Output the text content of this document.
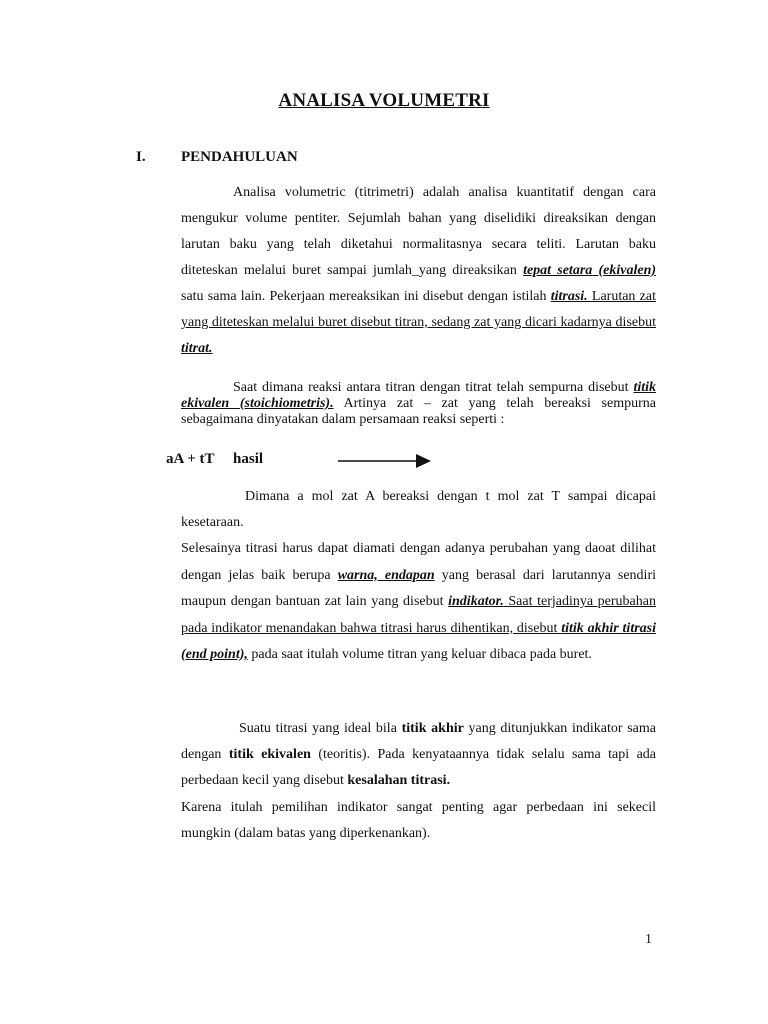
ANALISA VOLUMETRI
I. PENDAHULUAN

Analisa volumetric (titrimetri) adalah analisa kuantitatif dengan cara mengukur volume pentiter. Sejumlah bahan yang diselidiki direaksikan dengan larutan baku yang telah diketahui normalitasnya secara teliti. Larutan baku diteteskan melalui buret sampai jumlah_yang direaksikan tepat setara (ekivalen) satu sama lain. Pekerjaan mereaksikan ini disebut dengan istilah titrasi. Larutan zat yang diteteskan melalui buret disebut titran, sedang zat yang dicari kadarnya disebut titrat.

Saat dimana reaksi antara titran dengan titrat telah sempurna disebut titik ekivalen (stoichiometris). Artinya zat – zat yang telah bereaksi sempurna sebagaimana dinyatakan dalam persamaan reaksi seperti :

aA + tT     hasil

Dimana a mol zat A bereaksi dengan t mol zat T sampai dicapai kesetaraan.

Selesainya titrasi harus dapat diamati dengan adanya perubahan yang daoat dilihat dengan jelas baik berupa warna, endapan yang berasal dari larutannya sendiri maupun dengan bantuan zat lain yang disebut indikator. Saat terjadinya perubahan pada indikator menandakan bahwa titrasi harus dihentikan, disebut titik akhir titrasi (end point), pada saat itulah volume titran yang keluar dibaca pada buret.

Suatu titrasi yang ideal bila titik akhir yang ditunjukkan indikator sama dengan titik ekivalen (teoritis). Pada kenyataannya tidak selalu sama tapi ada perbedaan kecil yang disebut kesalahan titrasi.

Karena itulah pemilihan indikator sangat penting agar perbedaan ini sekecil mungkin (dalam batas yang diperkenankan).

1
